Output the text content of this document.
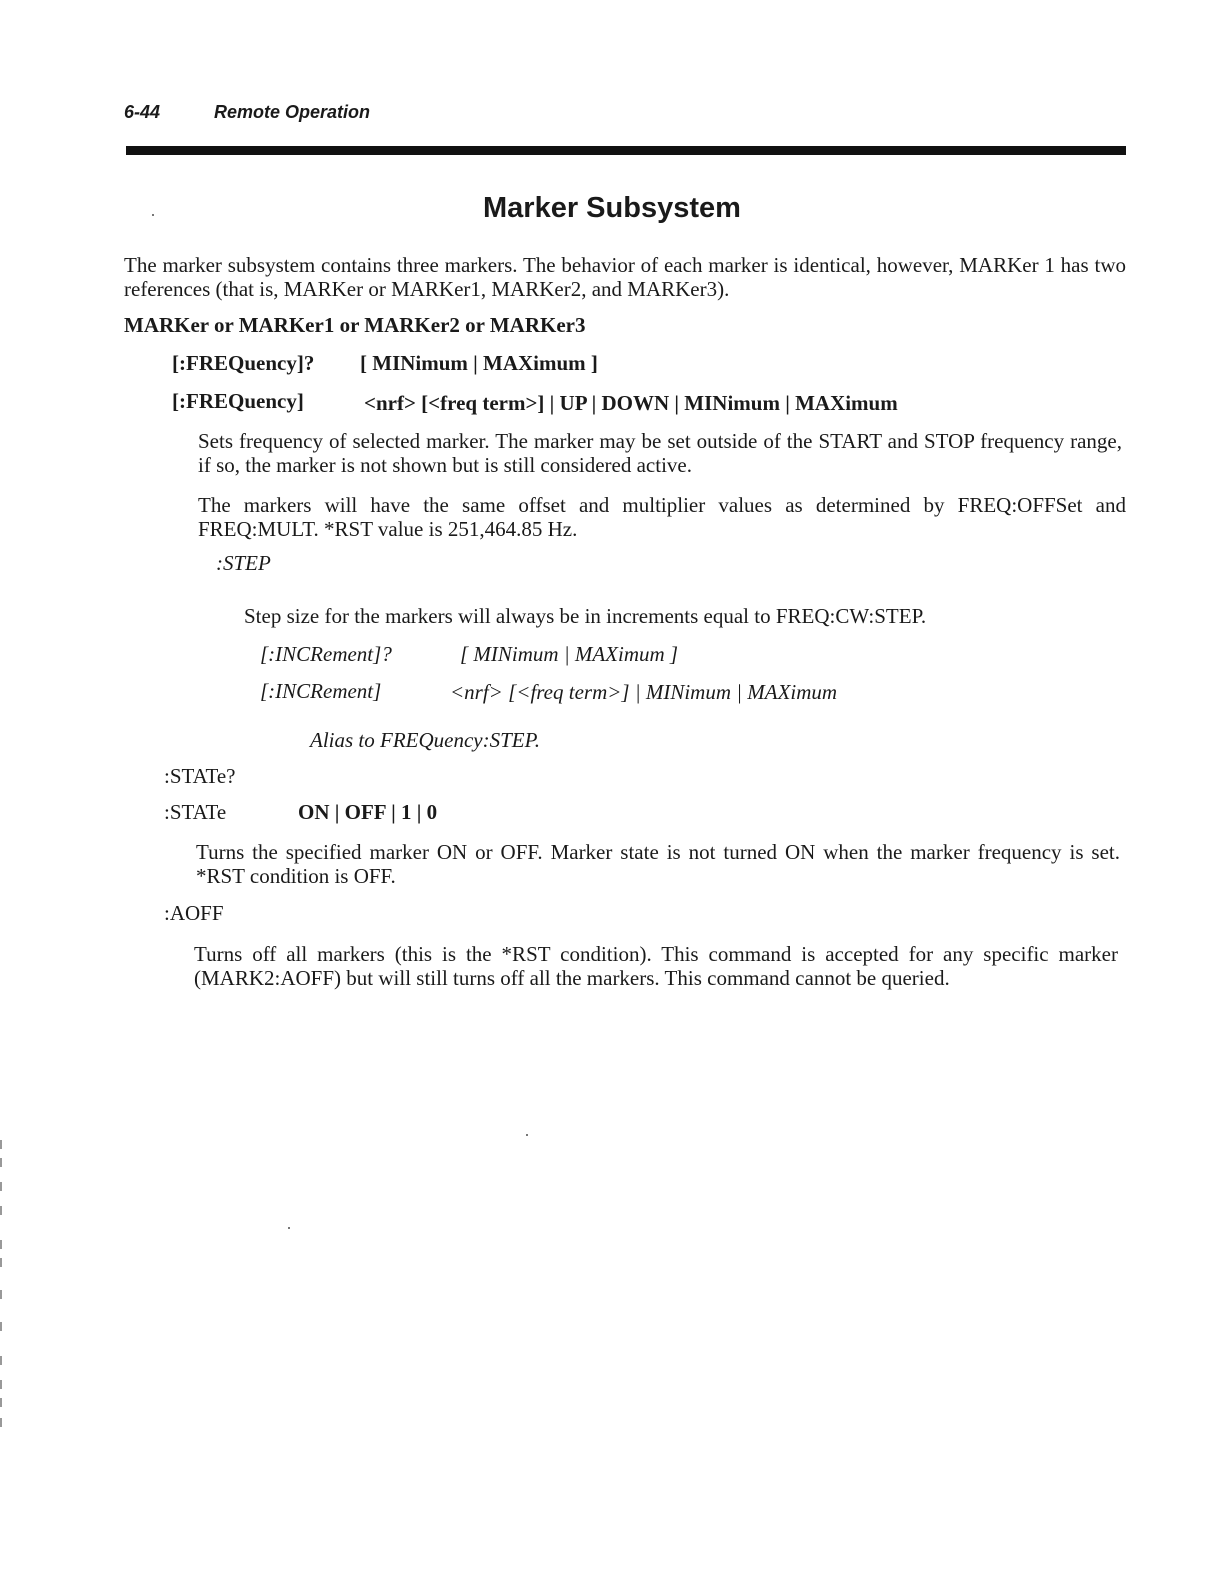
6-44	Remote Operation
Marker Subsystem
The marker subsystem contains three markers. The behavior of each marker is identical, however, MARKer 1 has two references (that is, MARKer or MARKer1, MARKer2, and MARKer3).
MARKer or MARKer1 or MARKer2 or MARKer3
[:FREQuency]? [ MINimum | MAXimum ]
[:FREQuency]	<nrf> [<freq term>] | UP | DOWN | MINimum | MAXimum
Sets frequency of selected marker. The marker may be set outside of the START and STOP frequency range, if so, the marker is not shown but is still considered active.
The markers will have the same offset and multiplier values as determined by FREQ:OFFSet and FREQ:MULT. *RST value is 251,464.85 Hz.
:STEP
Step size for the markers will always be in increments equal to FREQ:CW:STEP.
[:INCRement]?	[ MINimum | MAXimum ]
[:INCRement]	<nrf> [<freq term>] | MINimum | MAXimum
Alias to FREQuency:STEP.
:STATe?
:STATe	ON | OFF | 1 | 0
Turns the specified marker ON or OFF. Marker state is not turned ON when the marker frequency is set. *RST condition is OFF.
:AOFF
Turns off all markers (this is the *RST condition). This command is accepted for any specific marker (MARK2:AOFF) but will still turns off all the markers. This command cannot be queried.
